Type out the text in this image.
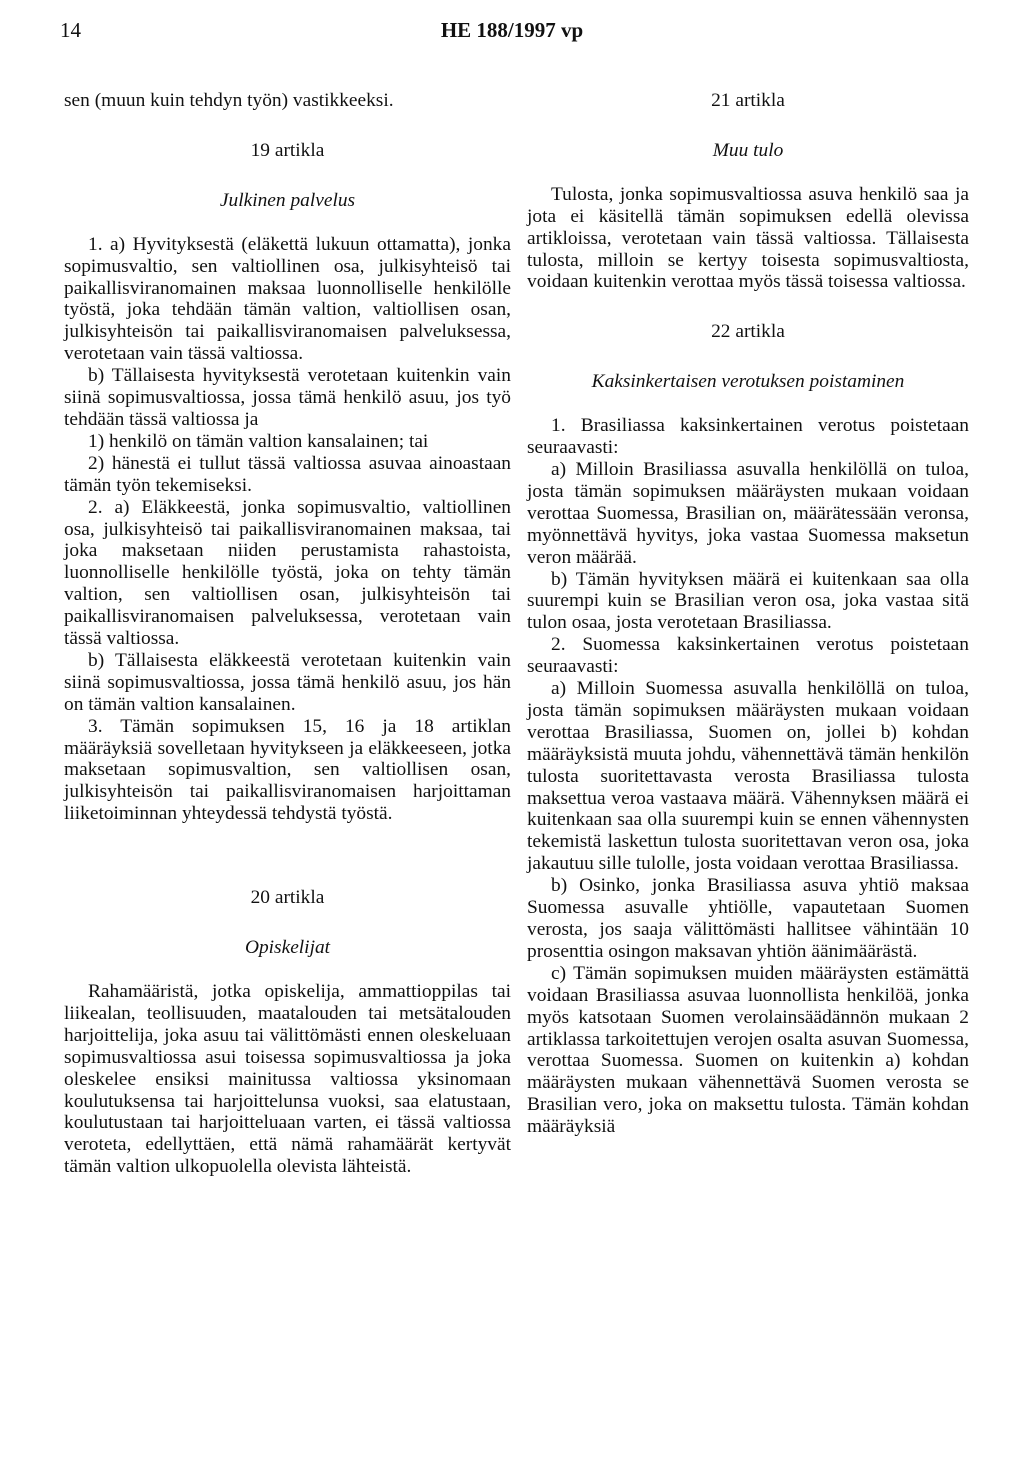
14	HE 188/1997 vp

sen (muun kuin tehdyn työn) vastikkeeksi.

19 artikla

Julkinen palvelus

1. a) Hyvityksestä (eläkettä lukuun ottamatta), jonka sopimusvaltio, sen valtiollinen osa, julkisyhteisö tai paikallisviranomainen maksaa luonnolliselle henkilölle työstä, joka tehdään tämän valtion, valtiollisen osan, julkisyhteisön tai paikallisviranomaisen palveluksessa, verotetaan vain tässä valtiossa.

b) Tällaisesta hyvityksestä verotetaan kuitenkin vain siinä sopimusvaltiossa, jossa tämä henkilö asuu, jos työ tehdään tässä valtiossa ja

1) henkilö on tämän valtion kansalainen; tai

2) hänestä ei tullut tässä valtiossa asuvaa ainoastaan tämän työn tekemiseksi.

2. a) Eläkkeestä, jonka sopimusvaltio, valtiollinen osa, julkisyhteisö tai paikallisviranomainen maksaa, tai joka maksetaan niiden perustamista rahastoista, luonnolliselle henkilölle työstä, joka on tehty tämän valtion, sen valtiollisen osan, julkisyhteisön tai paikallisviranomaisen palveluksessa, verotetaan vain tässä valtiossa.

b) Tällaisesta eläkkeestä verotetaan kuitenkin vain siinä sopimusvaltiossa, jossa tämä henkilö asuu, jos hän on tämän valtion kansalainen.

3. Tämän sopimuksen 15, 16 ja 18 artiklan määräyksiä sovelletaan hyvitykseen ja eläkkeeseen, jotka maksetaan sopimusvaltion, sen valtiollisen osan, julkisyhteisön tai paikallisviranomaisen harjoittaman liiketoiminnan yhteydessä tehdystä työstä.

20 artikla

Opiskelijat

Rahamääristä, jotka opiskelija, ammattioppilas tai liikealan, teollisuuden, maatalouden tai metsätalouden harjoittelija, joka asuu tai välittömästi ennen oleskeluaan sopimusvaltiossa asui toisessa sopimusvaltiossa ja joka oleskelee ensiksi mainitussa valtiossa yksinomaan koulutuksensa tai harjoittelunsa vuoksi, saa elatustaan, koulutustaan tai harjoitteluaan varten, ei tässä valtiossa veroteta, edellyttäen, että nämä rahamäärät kertyvät tämän valtion ulkopuolella olevista lähteistä.

21 artikla

Muu tulo

Tulosta, jonka sopimusvaltiossa asuva henkilö saa ja jota ei käsitellä tämän sopimuksen edellä olevissa artikloissa, verotetaan vain tässä valtiossa. Tällaisesta tulosta, milloin se kertyy toisesta sopimusvaltiosta, voidaan kuitenkin verottaa myös tässä toisessa valtiossa.

22 artikla

Kaksinkertaisen verotuksen poistaminen

1. Brasiliassa kaksinkertainen verotus poistetaan seuraavasti:

a) Milloin Brasiliassa asuvalla henkilöllä on tuloa, josta tämän sopimuksen määräysten mukaan voidaan verottaa Suomessa, Brasilian on, määrätessään veronsa, myönnettävä hyvitys, joka vastaa Suomessa maksetun veron määrää.

b) Tämän hyvityksen määrä ei kuitenkaan saa olla suurempi kuin se Brasilian veron osa, joka vastaa sitä tulon osaa, josta verotetaan Brasiliassa.

2. Suomessa kaksinkertainen verotus poistetaan seuraavasti:

a) Milloin Suomessa asuvalla henkilöllä on tuloa, josta tämän sopimuksen määräysten mukaan voidaan verottaa Brasiliassa, Suomen on, jollei b) kohdan määräyksistä muuta johdu, vähennettävä tämän henkilön tulosta suoritettavasta verosta Brasiliassa tulosta maksettua veroa vastaava määrä. Vähennyksen määrä ei kuitenkaan saa olla suurempi kuin se ennen vähennysten tekemistä laskettun tulosta suoritettavan veron osa, joka jakautuu sille tulolle, josta voidaan verottaa Brasiliassa.

b) Osinko, jonka Brasiliassa asuva yhtiö maksaa Suomessa asuvalle yhtiölle, vapautetaan Suomen verosta, jos saaja välittömästi hallitsee vähintään 10 prosenttia osingon maksavan yhtiön äänimäärästä.

c) Tämän sopimuksen muiden määräysten estämättä voidaan Brasiliassa asuvaa luonnollista henkilöä, jonka myös katsotaan Suomen verolainsäädännön mukaan 2 artiklassa tarkoitettujen verojen osalta asuvan Suomessa, verottaa Suomessa. Suomen on kuitenkin a) kohdan määräysten mukaan vähennettävä Suomen verosta se Brasilian vero, joka on maksettu tulosta. Tämän kohdan määräyksiä
